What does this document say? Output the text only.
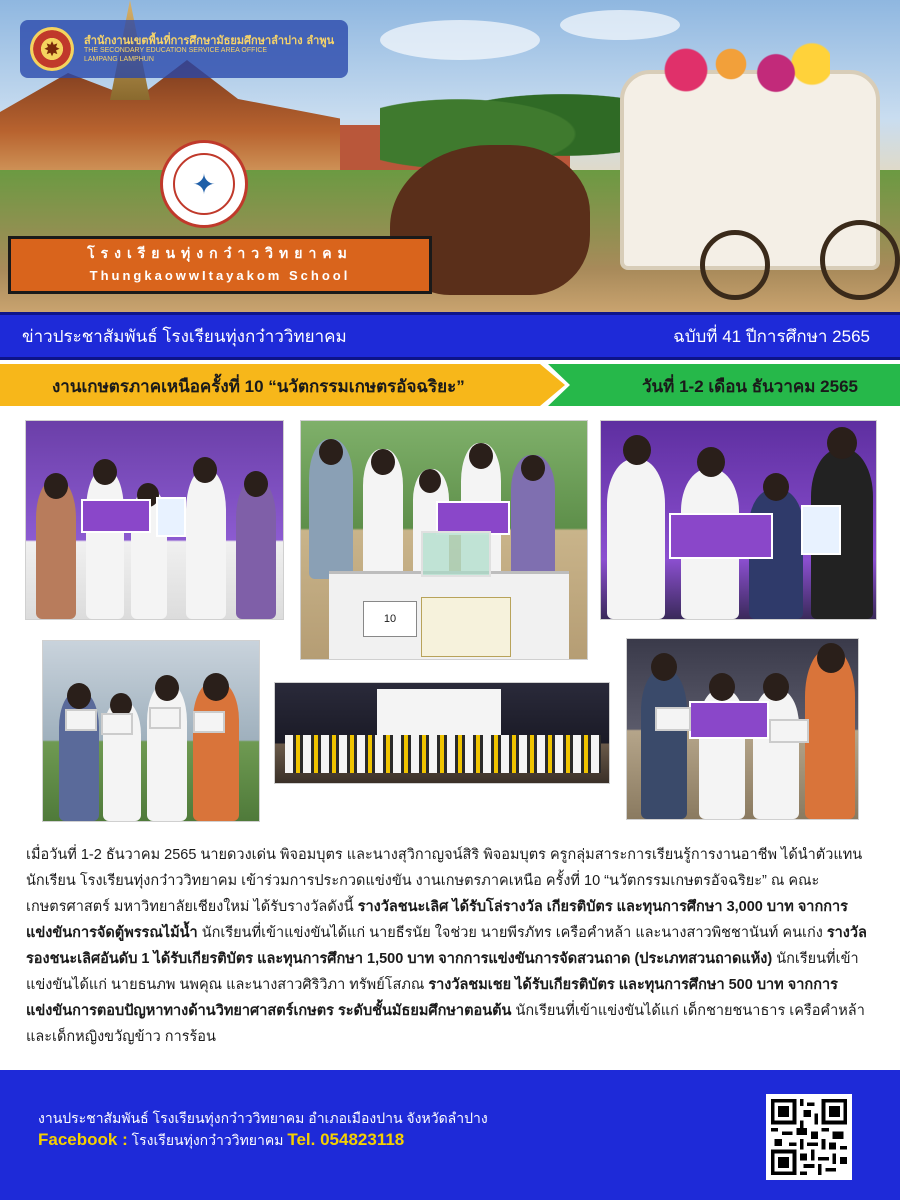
✸	สำนักงานเขตพื้นที่การศึกษามัธยมศึกษาลำปาง ลำพูน
THE SECONDARY EDUCATION SERVICE AREA OFFICE
LAMPANG LAMPHUN
✦
โรงเรียนทุ่งกว๋าววิทยาคม
ThungkaowwItayakom School
ข่าวประชาสัมพันธ์ โรงเรียนทุ่งกว๋าววิทยาคม	ฉบับที่ 41 ปีการศึกษา 2565
งานเกษตรภาคเหนือครั้งที่ 10 “นวัตกรรมเกษตรอัจฉริยะ”	วันที่ 1-2 เดือน ธันวาคม 2565
10
เมื่อวันที่ 1-2 ธันวาคม 2565 นายดวงเด่น พิจอมบุตร และนางสุวิกาญจน์สิริ พิจอมบุตร ครูกลุ่มสาระการเรียนรู้การงานอาชีพ ได้นำตัวแทนนักเรียน โรงเรียนทุ่งกว๋าววิทยาคม เข้าร่วมการประกวดแข่งขัน งานเกษตรภาคเหนือ ครั้งที่ 10 “นวัตกรรมเกษตรอัจฉริยะ” ณ คณะเกษตรศาสตร์ มหาวิทยาลัยเชียงใหม่ ได้รับรางวัลดังนี้ รางวัลชนะเลิศ ได้รับโล่รางวัล เกียรติบัตร และทุนการศึกษา 3,000 บาท จากการแข่งขันการจัดตู้พรรณไม้น้ำ นักเรียนที่เข้าแข่งขันได้แก่ นายธีรนัย ใจช่วย นายพีรภัทร เครือคำหล้า และนางสาวพิชชานันท์ คนเก่ง รางวัลรองชนะเลิศอันดับ 1 ได้รับเกียรติบัตร และทุนการศึกษา 1,500 บาท จากการแข่งขันการจัดสวนถาด (ประเภทสวนถาดแห้ง) นักเรียนที่เข้าแข่งขันได้แก่ นายธนภพ นพคุณ และนางสาวศิริวิภา ทรัพย์โสภณ รางวัลชมเชย ได้รับเกียรติบัตร และทุนการศึกษา 500 บาท จากการแข่งขันการตอบปัญหาทางด้านวิทยาศาสตร์เกษตร ระดับชั้นมัธยมศึกษาตอนต้น นักเรียนที่เข้าแข่งขันได้แก่ เด็กชายชนาธาร เครือคำหล้า และเด็กหญิงขวัญข้าว การร้อน
งานประชาสัมพันธ์ โรงเรียนทุ่งกว๋าววิทยาคม อำเภอเมืองปาน จังหวัดลำปาง
Facebook : โรงเรียนทุ่งกว๋าววิทยาคม Tel. 054823118
